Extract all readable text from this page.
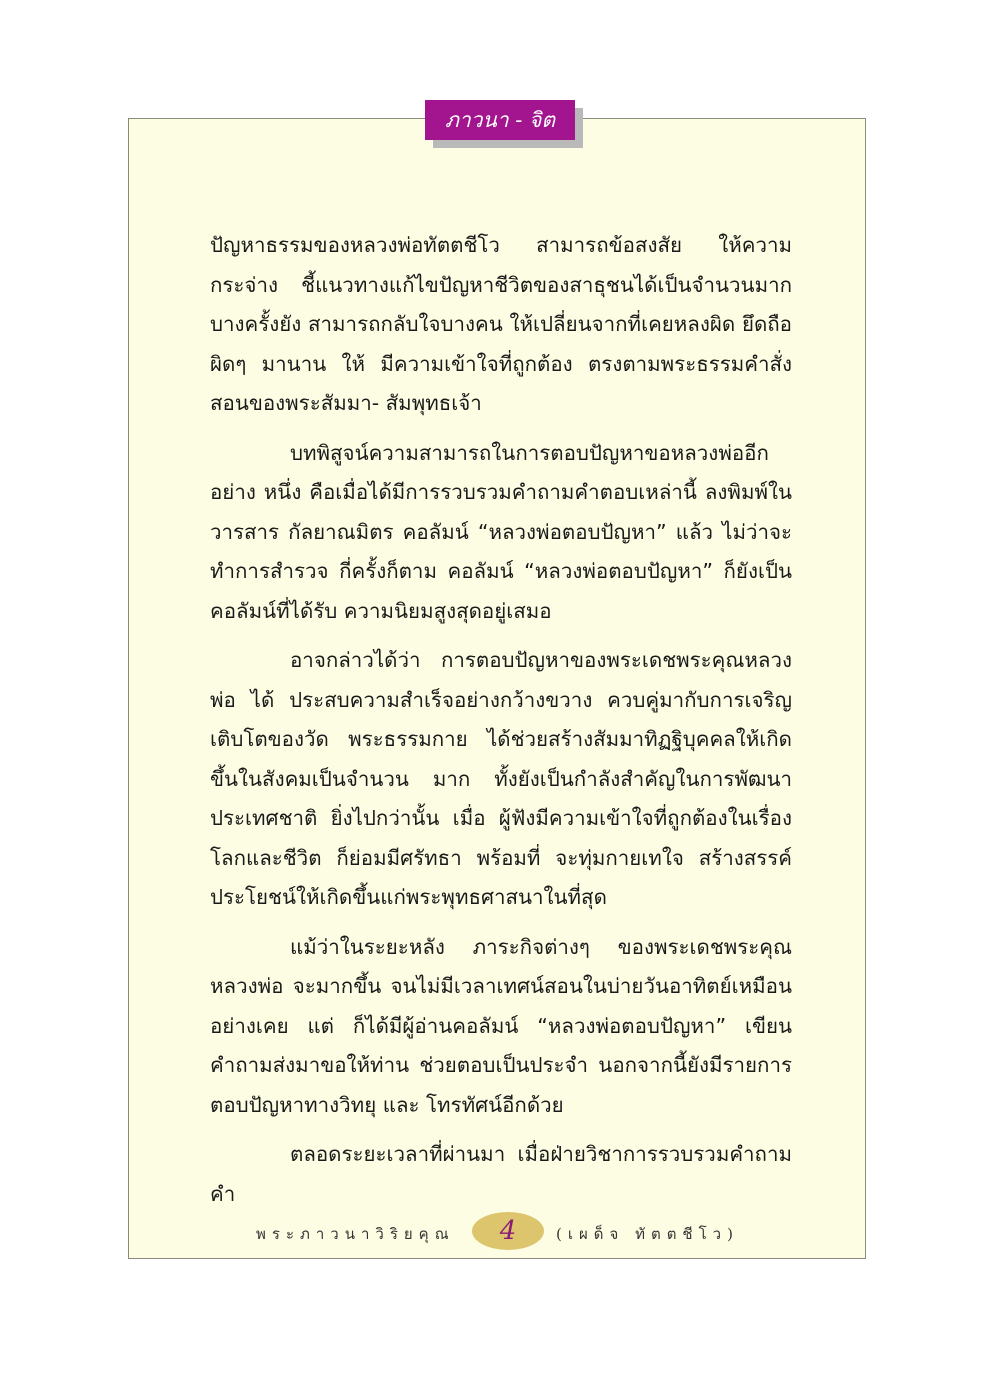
ภาวนา - จิต

ปัญหาธรรมของหลวงพ่อทัตตชีโว สามารถข้อสงสัย ให้ความกระจ่าง ชี้แนวทางแก้ไขปัญหาชีวิตของสาธุชนได้เป็นจำนวนมาก บางครั้งยัง สามารถกลับใจบางคน ให้เปลี่ยนจากที่เคยหลงผิด ยึดถือผิดๆ มานาน ให้ มีความเข้าใจที่ถูกต้อง ตรงตามพระธรรมคำสั่งสอนของพระสัมมา- สัมพุทธเจ้า

บทพิสูจน์ความสามารถในการตอบปัญหาขอหลวงพ่ออีกอย่าง หนึ่ง คือเมื่อได้มีการรวบรวมคำถามคำตอบเหล่านี้ ลงพิมพ์ในวารสาร กัลยาณมิตร คอลัมน์ “หลวงพ่อตอบปัญหา” แล้ว ไม่ว่าจะทำการสำรวจ กี่ครั้งก็ตาม คอลัมน์ “หลวงพ่อตอบปัญหา” ก็ยังเป็น คอลัมน์ที่ได้รับ ความนิยมสูงสุดอยู่เสมอ

อาจกล่าวได้ว่า การตอบปัญหาของพระเดชพระคุณหลวงพ่อ ได้ ประสบความสำเร็จอย่างกว้างขวาง ควบคู่มากับการเจริญเติบโตของวัด พระธรรมกาย ได้ช่วยสร้างสัมมาทิฏฐิบุคคลให้เกิดขึ้นในสังคมเป็นจำนวน มาก ทั้งยังเป็นกำลังสำคัญในการพัฒนาประเทศชาติ ยิ่งไปกว่านั้น เมื่อ ผู้ฟังมีความเข้าใจที่ถูกต้องในเรื่องโลกและชีวิต ก็ย่อมมีศรัทธา พร้อมที่ จะทุ่มกายเทใจ สร้างสรรค์ประโยชน์ให้เกิดขึ้นแก่พระพุทธศาสนาในที่สุด

แม้ว่าในระยะหลัง ภาระกิจต่างๆ ของพระเดชพระคุณหลวงพ่อ จะมากขึ้น จนไม่มีเวลาเทศน์สอนในบ่ายวันอาทิตย์เหมือนอย่างเคย แต่ ก็ได้มีผู้อ่านคอลัมน์ “หลวงพ่อตอบปัญหา” เขียนคำถามส่งมาขอให้ท่าน ช่วยตอบเป็นประจำ นอกจากนี้ยังมีรายการตอบปัญหาทางวิทยุ และ โทรทัศน์อีกด้วย

ตลอดระยะเวลาที่ผ่านมา เมื่อฝ่ายวิชาการรวบรวมคำถามคำ

พระภาวนาวิริยคุณ 4	(เผด็จ ทัตตชีโว)
